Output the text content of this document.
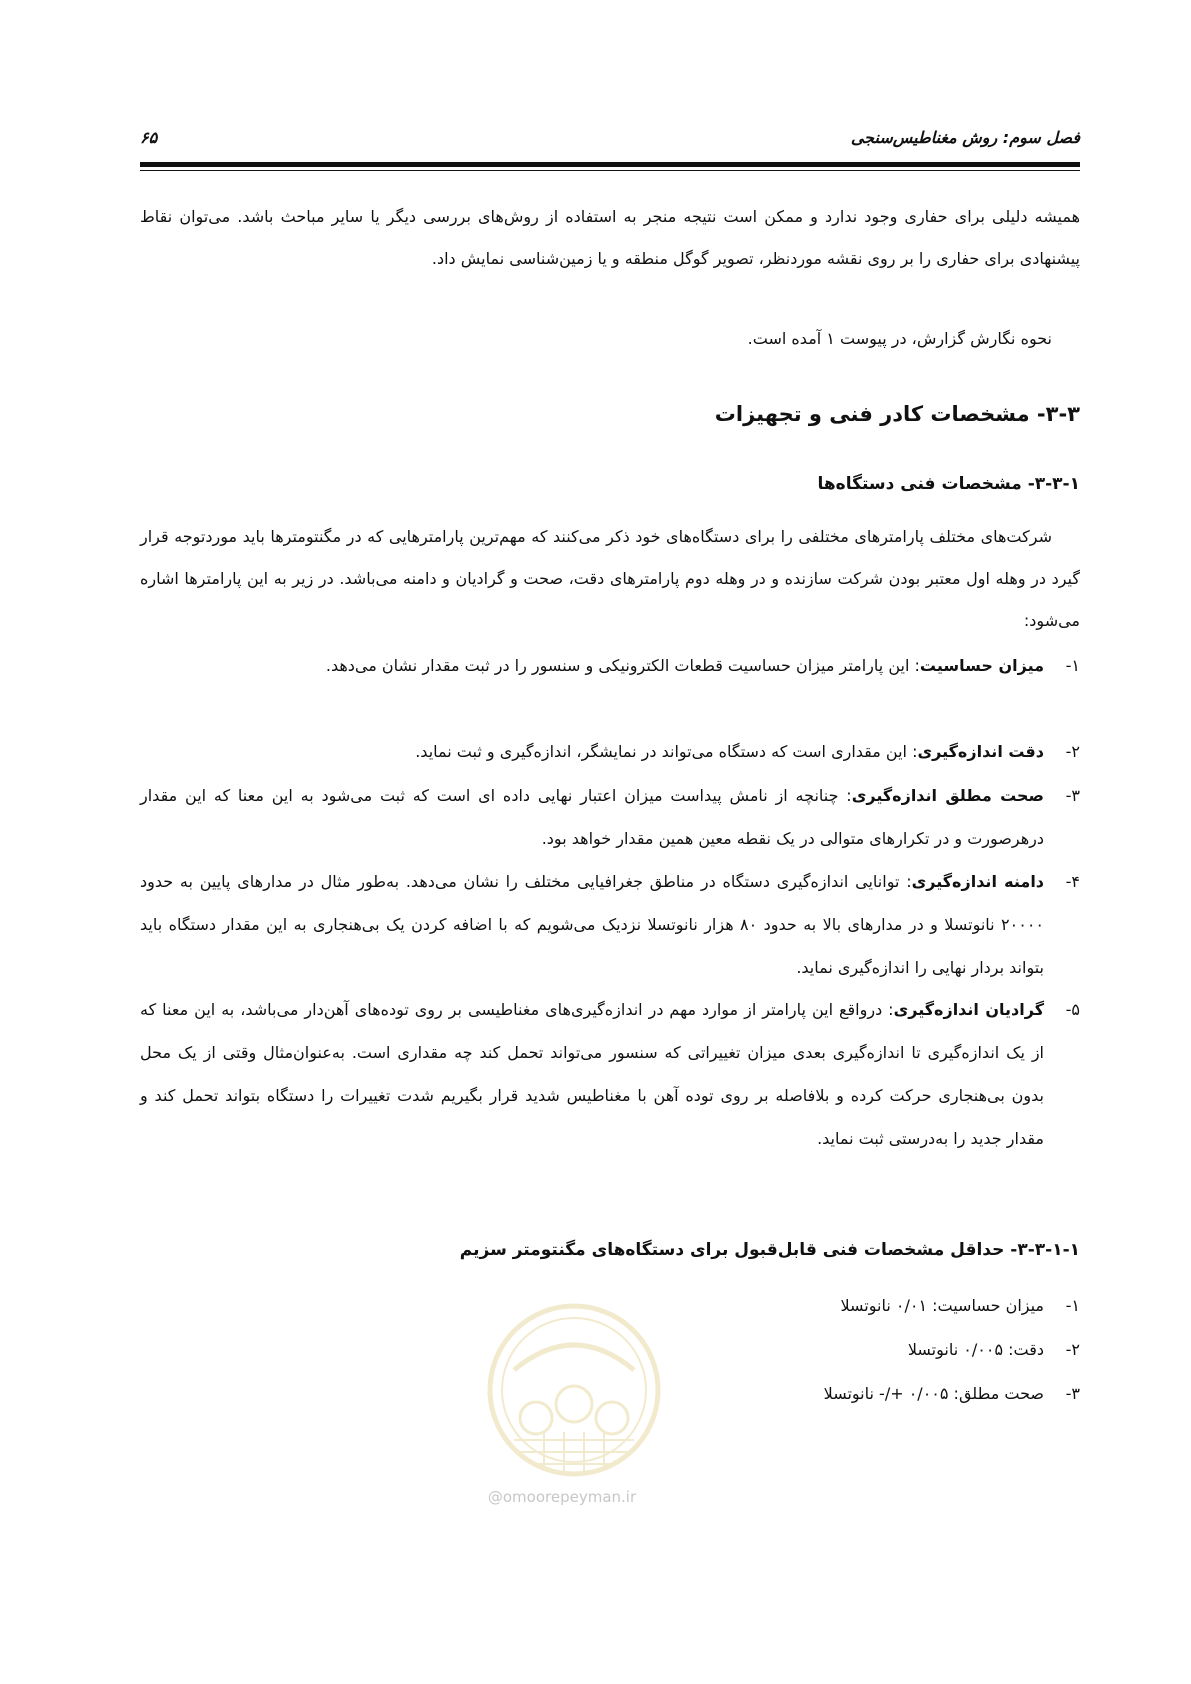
فصل سوم: روش مغناطیس‌سنجی
۶۵
همیشه دلیلی برای حفاری وجود ندارد و ممکن است نتیجه منجر به استفاده از روش‌های بررسی دیگر یا سایر مباحث باشد. می‌توان نقاط پیشنهادی برای حفاری را بر روی نقشه موردنظر، تصویر گوگل منطقه و یا زمین‌شناسی نمایش داد.
نحوه نگارش گزارش، در پیوست ۱ آمده است.
۳-۳- مشخصات کادر فنی و تجهیزات
۳-۳-۱- مشخصات فنی دستگاه‌ها
شرکت‌های مختلف پارامترهای مختلفی را برای دستگاه‌های خود ذکر می‌کنند که مهم‌ترین پارامترهایی که در مگنتومترها باید موردتوجه قرار گیرد در وهله اول معتبر بودن شرکت سازنده و در وهله دوم پارامترهای دقت، صحت و گرادیان و دامنه می‌باشد. در زیر به این پارامترها اشاره می‌شود:
۱-
میزان حساسیت: این پارامتر میزان حساسیت قطعات الکترونیکی و سنسور را در ثبت مقدار نشان می‌دهد.
۲-
دقت اندازه‌گیری: این مقداری است که دستگاه می‌تواند در نمایشگر، اندازه‌گیری و ثبت نماید.
۳-
صحت مطلق اندازه‌گیری: چنانچه از نامش پیداست میزان اعتبار نهایی داده ای است که ثبت می‌شود به این معنا که این مقدار درهرصورت و در تکرارهای متوالی در یک نقطه معین همین مقدار خواهد بود.
۴-
دامنه اندازه‌گیری: توانایی اندازه‌گیری دستگاه در مناطق جغرافیایی مختلف را نشان می‌دهد. به‌طور مثال در مدارهای پایین به حدود ۲۰۰۰۰ نانوتسلا و در مدارهای بالا به حدود ۸۰ هزار نانوتسلا نزدیک می‌شویم که با اضافه کردن یک بی‌هنجاری به این مقدار دستگاه باید بتواند بردار نهایی را اندازه‌گیری نماید.
۵-
گرادیان اندازه‌گیری: درواقع این پارامتر از موارد مهم در اندازه‌گیری‌های مغناطیسی بر روی توده‌های آهن‌دار می‌باشد، به این معنا که از یک اندازه‌گیری تا اندازه‌گیری بعدی میزان تغییراتی که سنسور می‌تواند تحمل کند چه مقداری است. به‌عنوان‌مثال وقتی از یک محل بدون بی‌هنجاری حرکت کرده و بلافاصله بر روی توده آهن با مغناطیس شدید قرار بگیریم شدت تغییرات را دستگاه بتواند تحمل کند و مقدار جدید را به‌درستی ثبت نماید.
۳-۳-۱-۱- حداقل مشخصات فنی قابل‌قبول برای دستگاه‌های مگنتومتر سزیم
۱-
میزان حساسیت: ۰/۰۱ نانوتسلا
۲-
دقت: ۰/۰۰۵ نانوتسلا
۳-
صحت مطلق: ۰/۰۰۵ +/- نانوتسلا
@omoorepeyman.ir
